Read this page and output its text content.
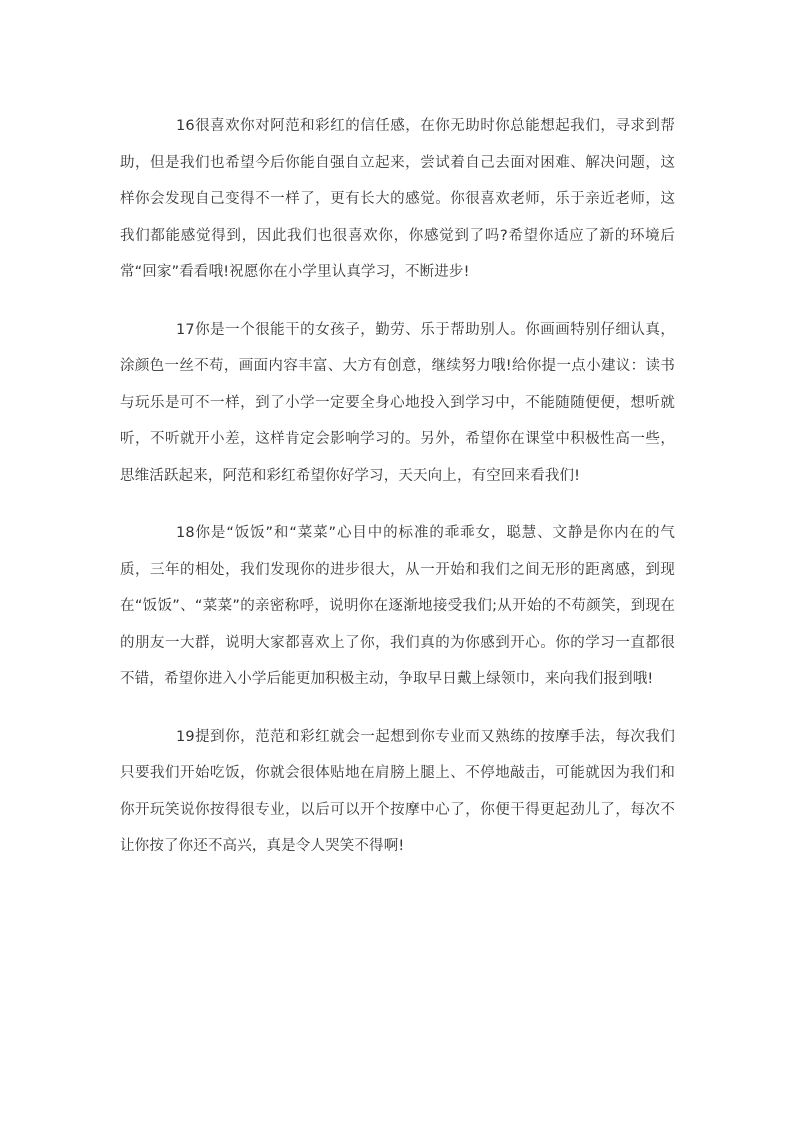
16很喜欢你对阿范和彩红的信任感，在你无助时你总能想起我们，寻求到帮助，但是我们也希望今后你能自强自立起来，尝试着自己去面对困难、解决问题，这样你会发现自己变得不一样了，更有长大的感觉。你很喜欢老师，乐于亲近老师，这我们都能感觉得到，因此我们也很喜欢你，你感觉到了吗?希望你适应了新的环境后常“回家”看看哦!祝愿你在小学里认真学习，不断进步!

17你是一个很能干的女孩子，勤劳、乐于帮助别人。你画画特别仔细认真，涂颜色一丝不苟，画面内容丰富、大方有创意，继续努力哦!给你提一点小建议：读书与玩乐是可不一样，到了小学一定要全身心地投入到学习中，不能随随便便，想听就听，不听就开小差，这样肯定会影响学习的。另外，希望你在课堂中积极性高一些，思维活跃起来，阿范和彩红希望你好学习，天天向上，有空回来看我们!

18你是“饭饭”和“菜菜”心目中的标准的乖乖女，聪慧、文静是你内在的气质，三年的相处，我们发现你的进步很大，从一开始和我们之间无形的距离感，到现在“饭饭”、“菜菜”的亲密称呼，说明你在逐渐地接受我们;从开始的不苟颜笑，到现在的朋友一大群，说明大家都喜欢上了你，我们真的为你感到开心。你的学习一直都很不错，希望你进入小学后能更加积极主动，争取早日戴上绿领巾，来向我们报到哦!

19提到你，范范和彩红就会一起想到你专业而又熟练的按摩手法，每次我们只要我们开始吃饭，你就会很体贴地在肩膀上腿上、不停地敲击，可能就因为我们和你开玩笑说你按得很专业，以后可以开个按摩中心了，你便干得更起劲儿了，每次不让你按了你还不高兴，真是令人哭笑不得啊!
